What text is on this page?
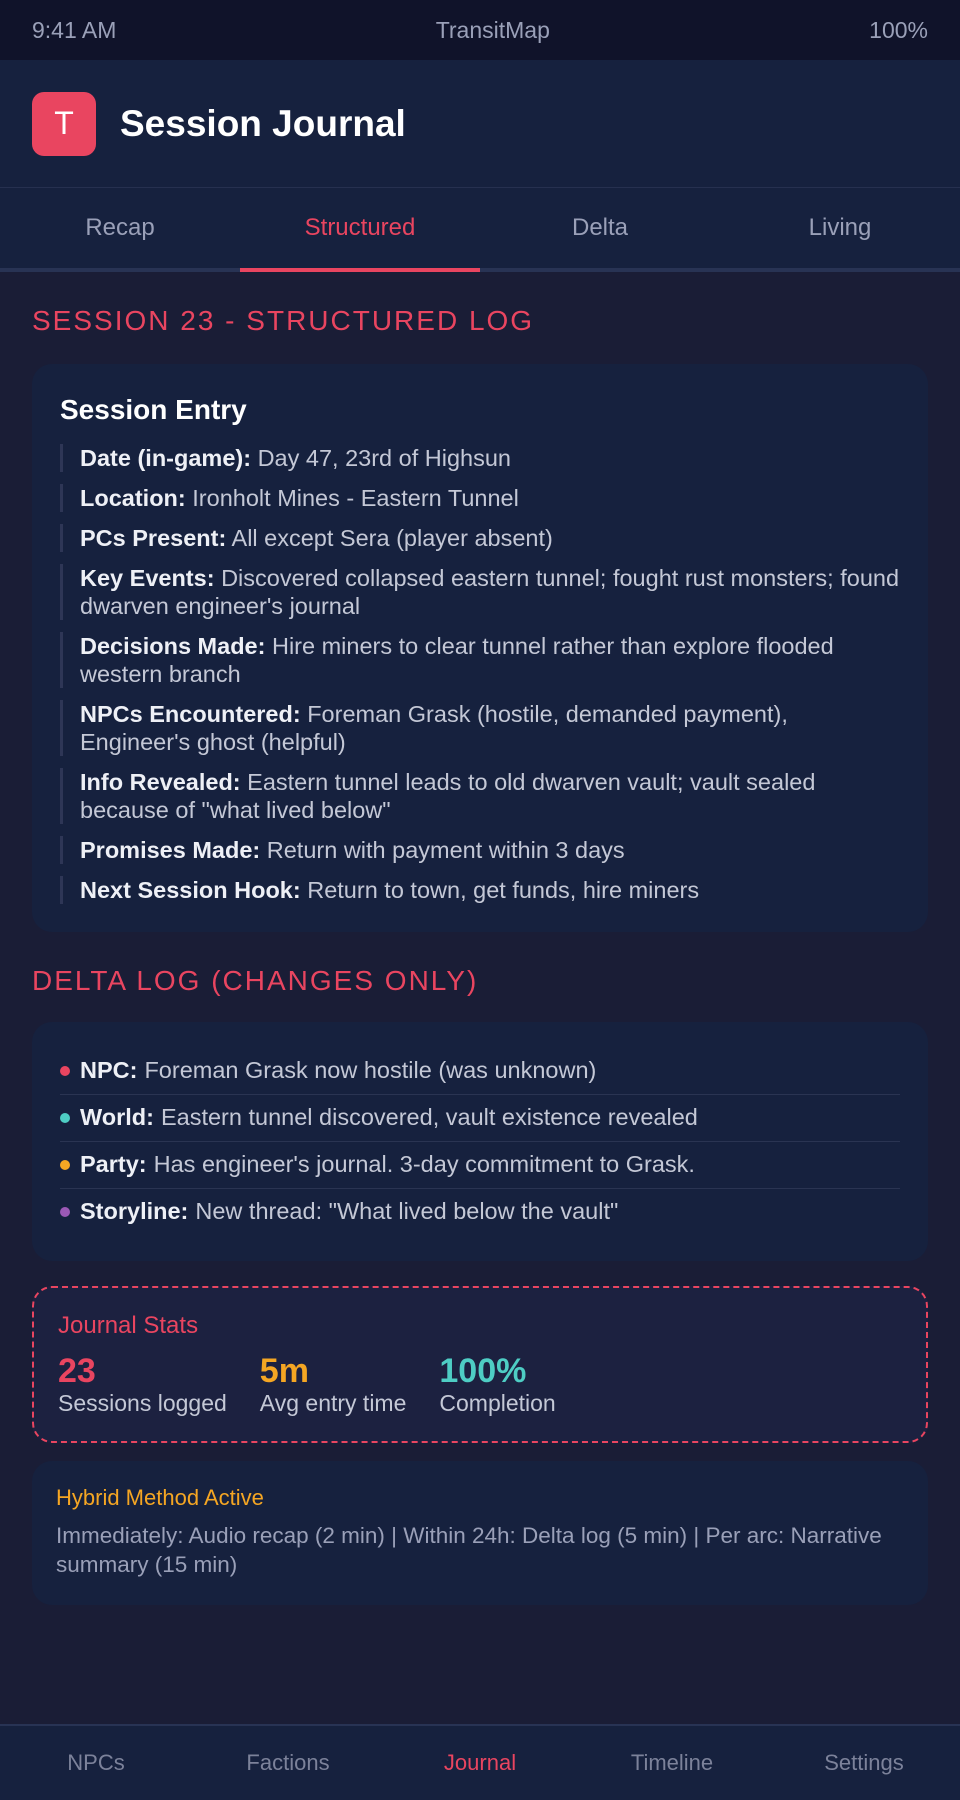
9:41 AM	TransitMap	100%
T	Session Journal
Recap	Structured	Delta	Living
SESSION 23 - STRUCTURED LOG
Session Entry
Date (in-game): Day 47, 23rd of Highsun
Location: Ironholt Mines - Eastern Tunnel
PCs Present: All except Sera (player absent)
Key Events: Discovered collapsed eastern tunnel; fought rust monsters; found dwarven engineer's journal
Decisions Made: Hire miners to clear tunnel rather than explore flooded western branch
NPCs Encountered: Foreman Grask (hostile, demanded payment), Engineer's ghost (helpful)
Info Revealed: Eastern tunnel leads to old dwarven vault; vault sealed because of "what lived below"
Promises Made: Return with payment within 3 days
Next Session Hook: Return to town, get funds, hire miners
DELTA LOG (CHANGES ONLY)
NPC: Foreman Grask now hostile (was unknown)
World: Eastern tunnel discovered, vault existence revealed
Party: Has engineer's journal. 3-day commitment to Grask.
Storyline: New thread: "What lived below the vault"
Journal Stats
23
Sessions logged
5m
Avg entry time
100%
Completion
Hybrid Method Active
Immediately: Audio recap (2 min) | Within 24h: Delta log (5 min) | Per arc: Narrative summary (15 min)
NPCs	Factions	Journal	Timeline	Settings
